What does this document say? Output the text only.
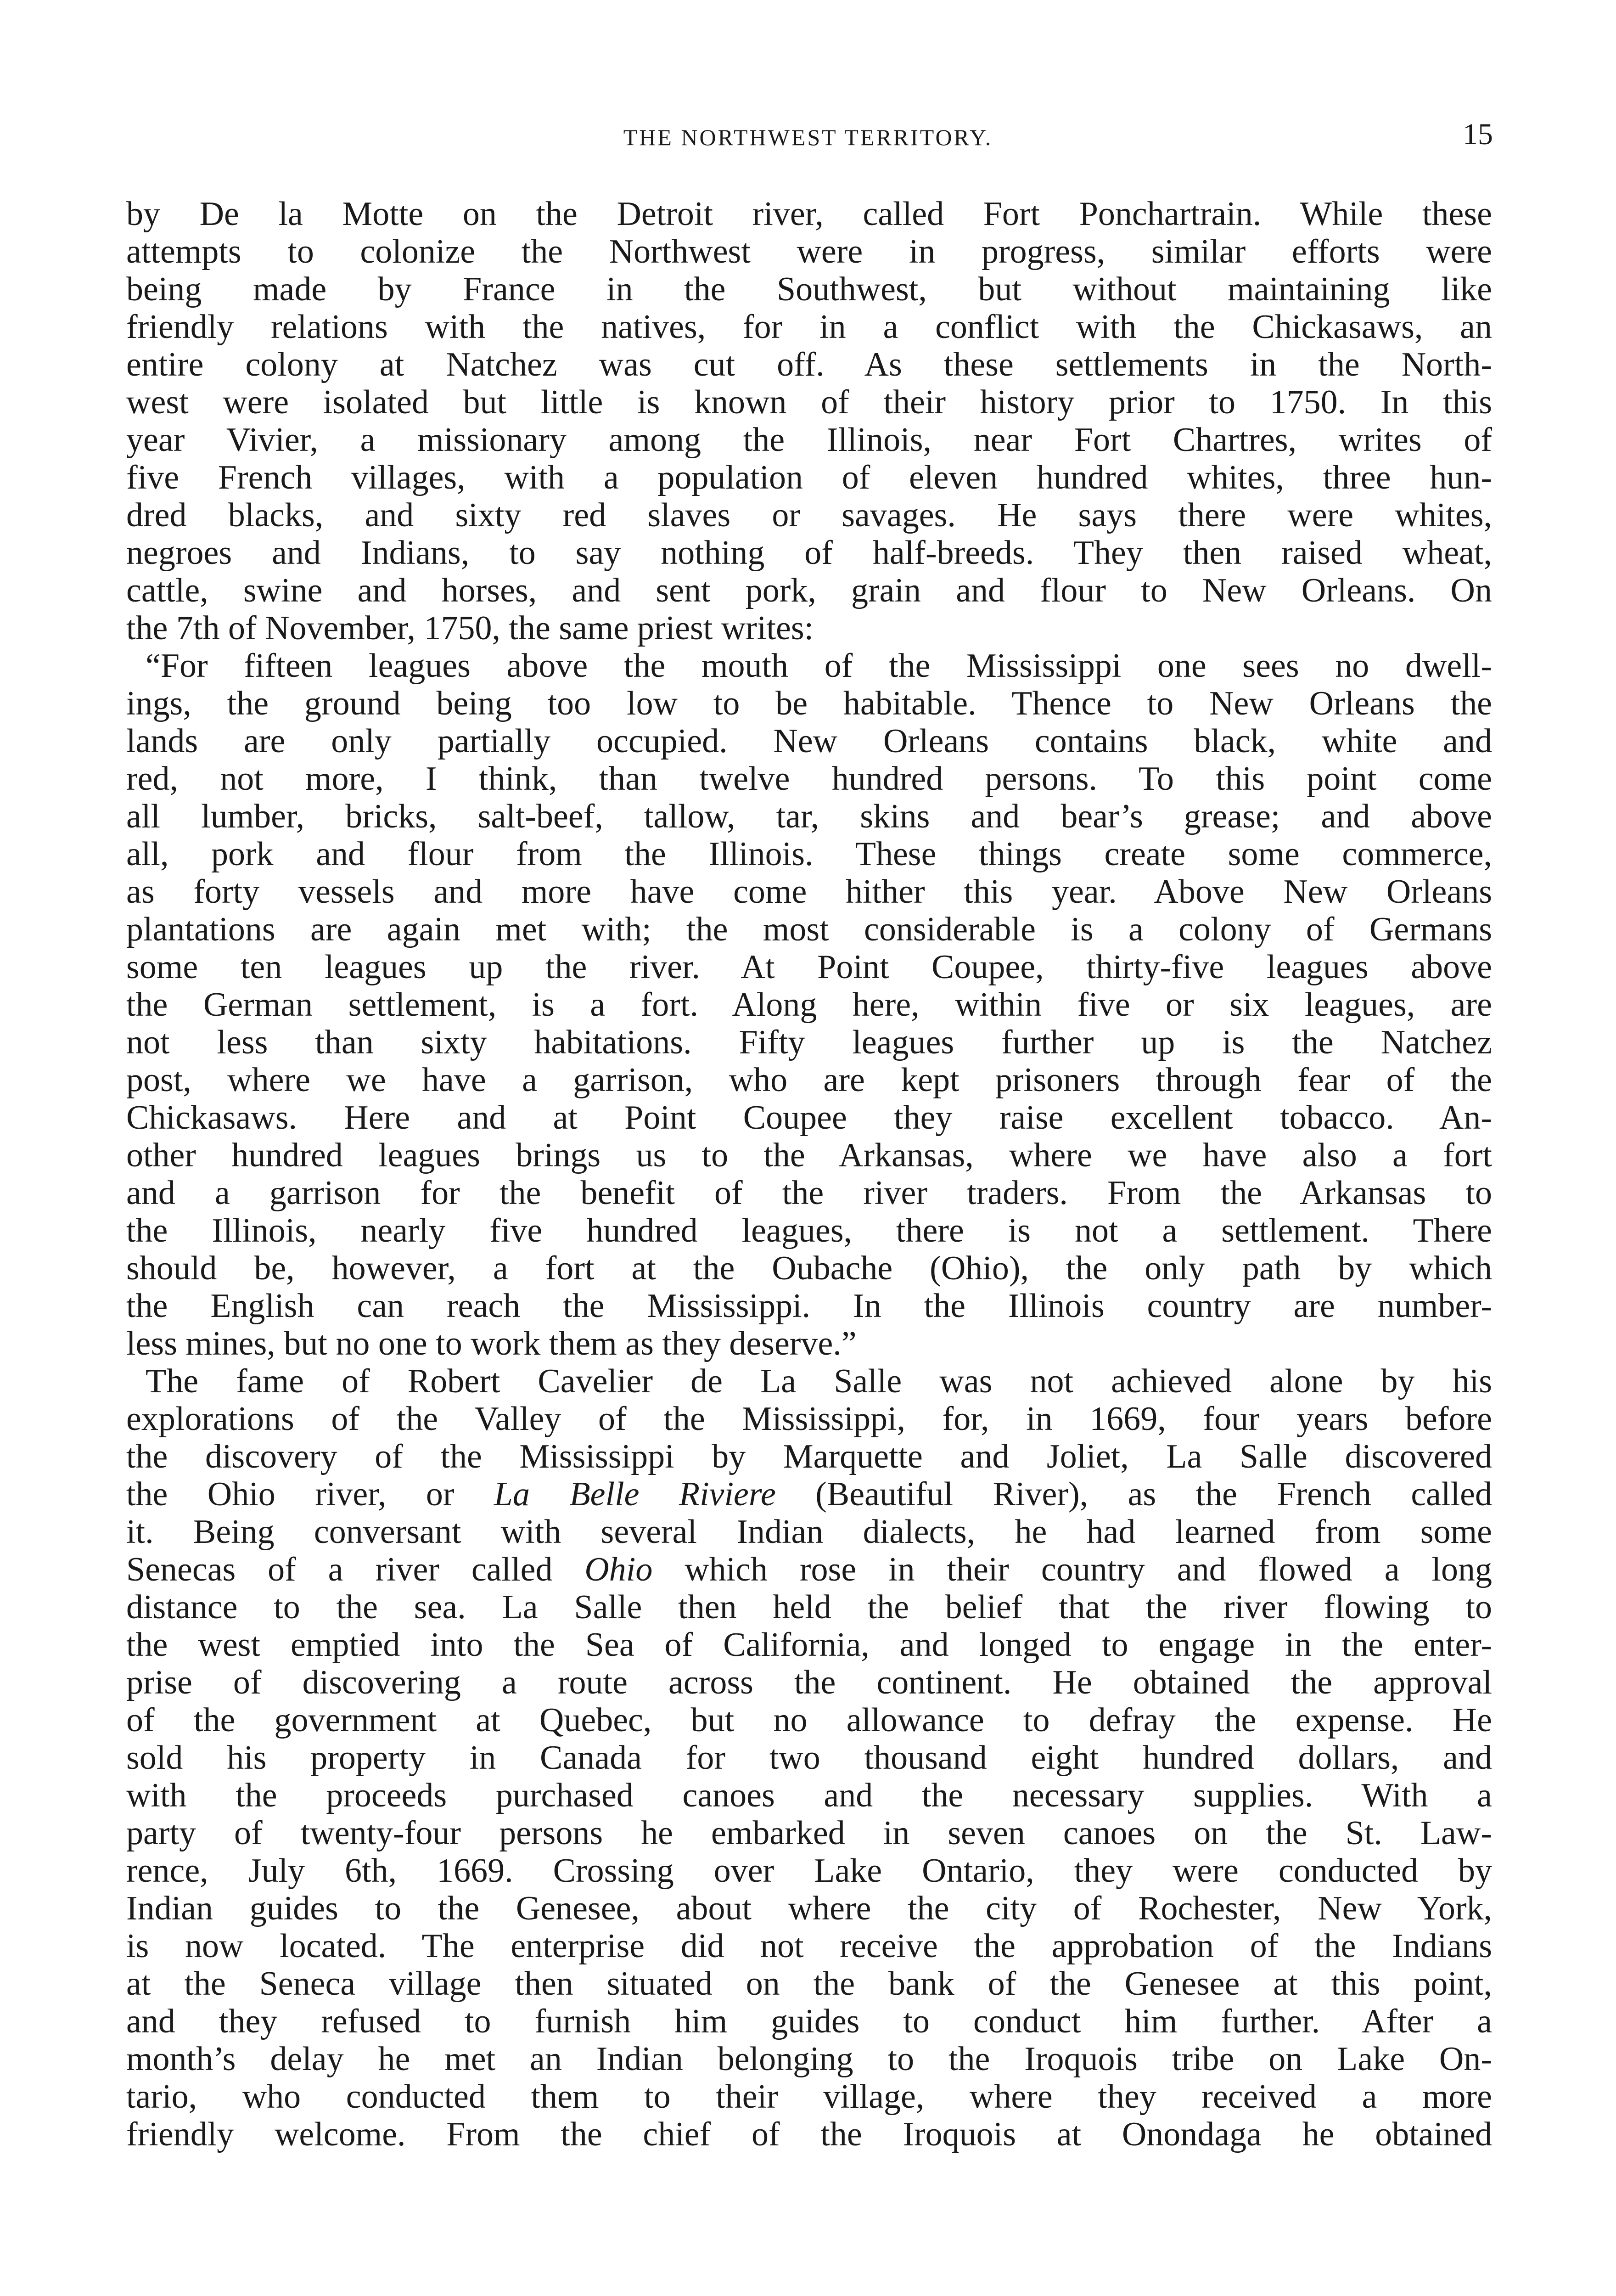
THE NORTHWEST TERRITORY.	15
by De la Motte on the Detroit river, called Fort Ponchartrain. While these
attempts to colonize the Northwest were in progress, similar efforts were
being made by France in the Southwest, but without maintaining like
friendly relations with the natives, for in a conflict with the Chickasaws, an
entire colony at Natchez was cut off. As these settlements in the North-
west were isolated but little is known of their history prior to 1750. In this
year Vivier, a missionary among the Illinois, near Fort Chartres, writes of
five French villages, with a population of eleven hundred whites, three hun-
dred blacks, and sixty red slaves or savages. He says there were whites,
negroes and Indians, to say nothing of half-breeds. They then raised wheat,
cattle, swine and horses, and sent pork, grain and flour to New Orleans. On
the 7th of November, 1750, the same priest writes:
“For fifteen leagues above the mouth of the Mississippi one sees no dwell-
ings, the ground being too low to be habitable. Thence to New Orleans the
lands are only partially occupied. New Orleans contains black, white and
red, not more, I think, than twelve hundred persons. To this point come
all lumber, bricks, salt-beef, tallow, tar, skins and bear’s grease; and above
all, pork and flour from the Illinois. These things create some commerce,
as forty vessels and more have come hither this year. Above New Orleans
plantations are again met with; the most considerable is a colony of Germans
some ten leagues up the river. At Point Coupee, thirty-five leagues above
the German settlement, is a fort. Along here, within five or six leagues, are
not less than sixty habitations. Fifty leagues further up is the Natchez
post, where we have a garrison, who are kept prisoners through fear of the
Chickasaws. Here and at Point Coupee they raise excellent tobacco. An-
other hundred leagues brings us to the Arkansas, where we have also a fort
and a garrison for the benefit of the river traders. From the Arkansas to
the Illinois, nearly five hundred leagues, there is not a settlement. There
should be, however, a fort at the Oubache (Ohio), the only path by which
the English can reach the Mississippi. In the Illinois country are number-
less mines, but no one to work them as they deserve.”
The fame of Robert Cavelier de La Salle was not achieved alone by his
explorations of the Valley of the Mississippi, for, in 1669, four years before
the discovery of the Mississippi by Marquette and Joliet, La Salle discovered
the Ohio river, or La Belle Riviere (Beautiful River), as the French called
it. Being conversant with several Indian dialects, he had learned from some
Senecas of a river called Ohio which rose in their country and flowed a long
distance to the sea. La Salle then held the belief that the river flowing to
the west emptied into the Sea of California, and longed to engage in the enter-
prise of discovering a route across the continent. He obtained the approval
of the government at Quebec, but no allowance to defray the expense. He
sold his property in Canada for two thousand eight hundred dollars, and
with the proceeds purchased canoes and the necessary supplies. With a
party of twenty-four persons he embarked in seven canoes on the St. Law-
rence, July 6th, 1669. Crossing over Lake Ontario, they were conducted by
Indian guides to the Genesee, about where the city of Rochester, New York,
is now located. The enterprise did not receive the approbation of the Indians
at the Seneca village then situated on the bank of the Genesee at this point,
and they refused to furnish him guides to conduct him further. After a
month’s delay he met an Indian belonging to the Iroquois tribe on Lake On-
tario, who conducted them to their village, where they received a more
friendly welcome. From the chief of the Iroquois at Onondaga he obtained
